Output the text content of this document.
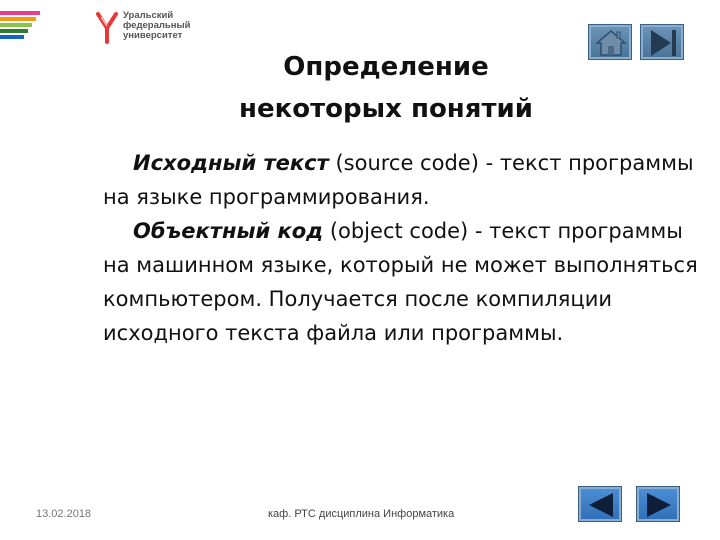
Уральский
федеральный
университет
Определение
некоторых понятий
Исходный текст (source code) - текст программы на языке программирования.
Объектный код (object code) - текст программы на машинном языке, который не может выполняться компьютером. Получается после компиляции исходного текста файла или программы.
13.02.2018	каф. РТС дисциплина Информатика
